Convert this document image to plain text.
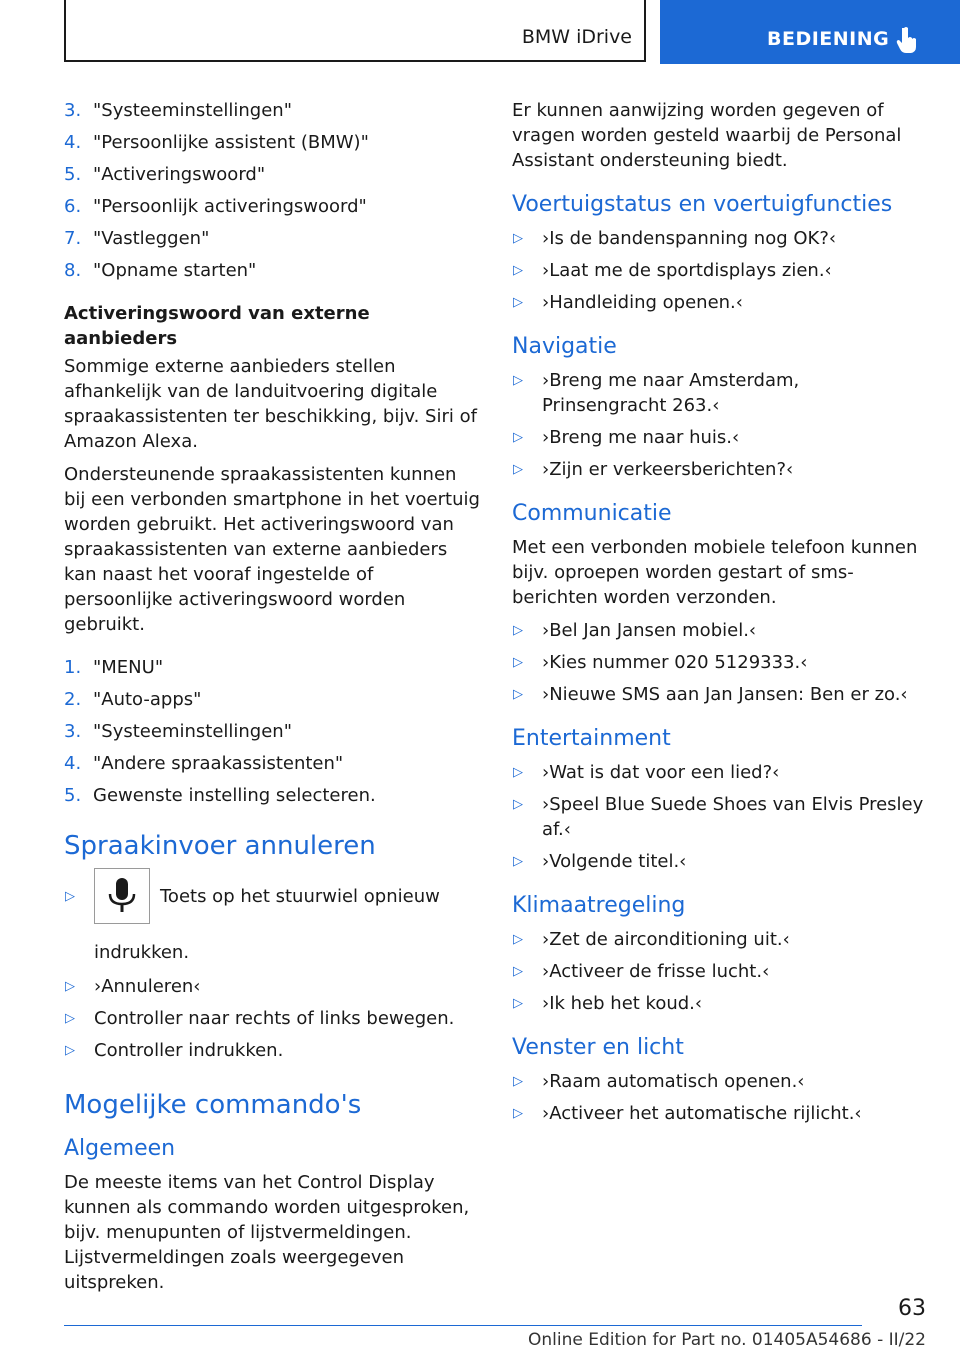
BMW iDrive	BEDIENING
3. "Systeeminstellingen"
4. "Persoonlijke assistent (BMW)"
5. "Activeringswoord"
6. "Persoonlijk activeringswoord"
7. "Vastleggen"
8. "Opname starten"
Activeringswoord van externe aanbieders

Sommige externe aanbieders stellen afhankelijk van de landuitvoering digitale spraakassistenten ter beschikking, bijv. Siri of Amazon Alexa.

Ondersteunende spraakassistenten kunnen bij een verbonden smartphone in het voertuig worden gebruikt. Het activeringswoord van spraakassistenten van externe aanbieders kan naast het vooraf ingestelde of persoonlijke activeringswoord worden gebruikt.

1. "MENU"
2. "Auto-apps"
3. "Systeeminstellingen"
4. "Andere spraakassistenten"
5. Gewenste instelling selecteren.
Spraakinvoer annuleren
▷	Toets op het stuurwiel opnieuw indrukken.
▷	›Annuleren‹
▷	Controller naar rechts of links bewegen.
▷	Controller indrukken.
Mogelijke commando's
Algemeen

De meeste items van het Control Display kunnen als commando worden uitgesproken, bijv. menupunten of lijstvermeldingen. Lijstvermeldingen zoals weergegeven uitspreken.

Er kunnen aanwijzing worden gegeven of vragen worden gesteld waarbij de Personal Assistant ondersteuning biedt.

Voertuigstatus en voertuigfuncties
▷	›Is de bandenspanning nog OK?‹
▷	›Laat me de sportdisplays zien.‹
▷	›Handleiding openen.‹
Navigatie
▷	›Breng me naar Amsterdam, Prinsengracht 263.‹
▷	›Breng me naar huis.‹
▷	›Zijn er verkeersberichten?‹
Communicatie

Met een verbonden mobiele telefoon kunnen bijv. oproepen worden gestart of sms-berichten worden verzonden.

▷	›Bel Jan Jansen mobiel.‹
▷	›Kies nummer 020 5129333.‹
▷	›Nieuwe SMS aan Jan Jansen: Ben er zo.‹
Entertainment
▷	›Wat is dat voor een lied?‹
▷	›Speel Blue Suede Shoes van Elvis Presley af.‹
▷	›Volgende titel.‹
Klimaatregeling
▷	›Zet de airconditioning uit.‹
▷	›Activeer de frisse lucht.‹
▷	›Ik heb het koud.‹
Venster en licht
▷	›Raam automatisch openen.‹
▷	›Activeer het automatische rijlicht.‹
63
Online Edition for Part no. 01405A54686 - II/22
